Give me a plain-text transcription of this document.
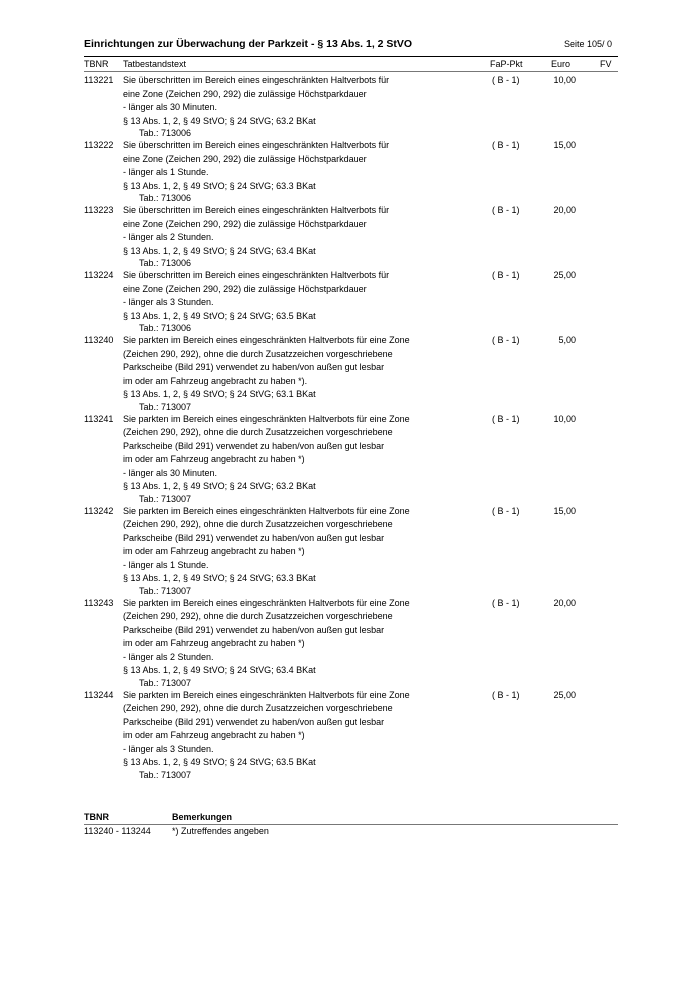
Einrichtungen zur Überwachung der Parkzeit - § 13 Abs. 1, 2 StVO	Seite 105/ 0
TBNR Tatbestandstext	FaP-Pkt	Euro	FV
113221 Sie überschritten im Bereich eines eingeschränkten Haltverbots für
eine Zone (Zeichen 290, 292) die zulässige Höchstparkdauer
- länger als 30 Minuten.
§ 13 Abs. 1, 2, § 49 StVO; § 24 StVG; 63.2 BKat
Tab.: 713006
( B - 1)	10,00
113222 Sie überschritten im Bereich eines eingeschränkten Haltverbots für
eine Zone (Zeichen 290, 292) die zulässige Höchstparkdauer
- länger als 1 Stunde.
§ 13 Abs. 1, 2, § 49 StVO; § 24 StVG; 63.3 BKat
Tab.: 713006
( B - 1)	15,00
113223 Sie überschritten im Bereich eines eingeschränkten Haltverbots für
eine Zone (Zeichen 290, 292) die zulässige Höchstparkdauer
- länger als 2 Stunden.
§ 13 Abs. 1, 2, § 49 StVO; § 24 StVG; 63.4 BKat
Tab.: 713006
( B - 1)	20,00
113224 Sie überschritten im Bereich eines eingeschränkten Haltverbots für
eine Zone (Zeichen 290, 292) die zulässige Höchstparkdauer
- länger als 3 Stunden.
§ 13 Abs. 1, 2, § 49 StVO; § 24 StVG; 63.5 BKat
Tab.: 713006
( B - 1)	25,00
113240 Sie parkten im Bereich eines eingeschränkten Haltverbots für eine Zone
(Zeichen 290, 292), ohne die durch Zusatzzeichen vorgeschriebene
Parkscheibe (Bild 291) verwendet zu haben/von außen gut lesbar
im oder am Fahrzeug angebracht zu haben *).
§ 13 Abs. 1, 2, § 49 StVO; § 24 StVG; 63.1 BKat
Tab.: 713007
( B - 1)	5,00
113241 Sie parkten im Bereich eines eingeschränkten Haltverbots für eine Zone
(Zeichen 290, 292), ohne die durch Zusatzzeichen vorgeschriebene
Parkscheibe (Bild 291) verwendet zu haben/von außen gut lesbar
im oder am Fahrzeug angebracht zu haben *)
- länger als 30 Minuten.
§ 13 Abs. 1, 2, § 49 StVO; § 24 StVG; 63.2 BKat
Tab.: 713007
( B - 1)	10,00
113242 Sie parkten im Bereich eines eingeschränkten Haltverbots für eine Zone
(Zeichen 290, 292), ohne die durch Zusatzzeichen vorgeschriebene
Parkscheibe (Bild 291) verwendet zu haben/von außen gut lesbar
im oder am Fahrzeug angebracht zu haben *)
- länger als 1 Stunde.
§ 13 Abs. 1, 2, § 49 StVO; § 24 StVG; 63.3 BKat
Tab.: 713007
( B - 1)	15,00
113243 Sie parkten im Bereich eines eingeschränkten Haltverbots für eine Zone
(Zeichen 290, 292), ohne die durch Zusatzzeichen vorgeschriebene
Parkscheibe (Bild 291) verwendet zu haben/von außen gut lesbar
im oder am Fahrzeug angebracht zu haben *)
- länger als 2 Stunden.
§ 13 Abs. 1, 2, § 49 StVO; § 24 StVG; 63.4 BKat
Tab.: 713007
( B - 1)	20,00
113244 Sie parkten im Bereich eines eingeschränkten Haltverbots für eine Zone
(Zeichen 290, 292), ohne die durch Zusatzzeichen vorgeschriebene
Parkscheibe (Bild 291) verwendet zu haben/von außen gut lesbar
im oder am Fahrzeug angebracht zu haben *)
- länger als 3 Stunden.
§ 13 Abs. 1, 2, § 49 StVO; § 24 StVG; 63.5 BKat
Tab.: 713007
( B - 1)	25,00
TBNR	Bemerkungen
113240 - 113244 *) Zutreffendes angeben
